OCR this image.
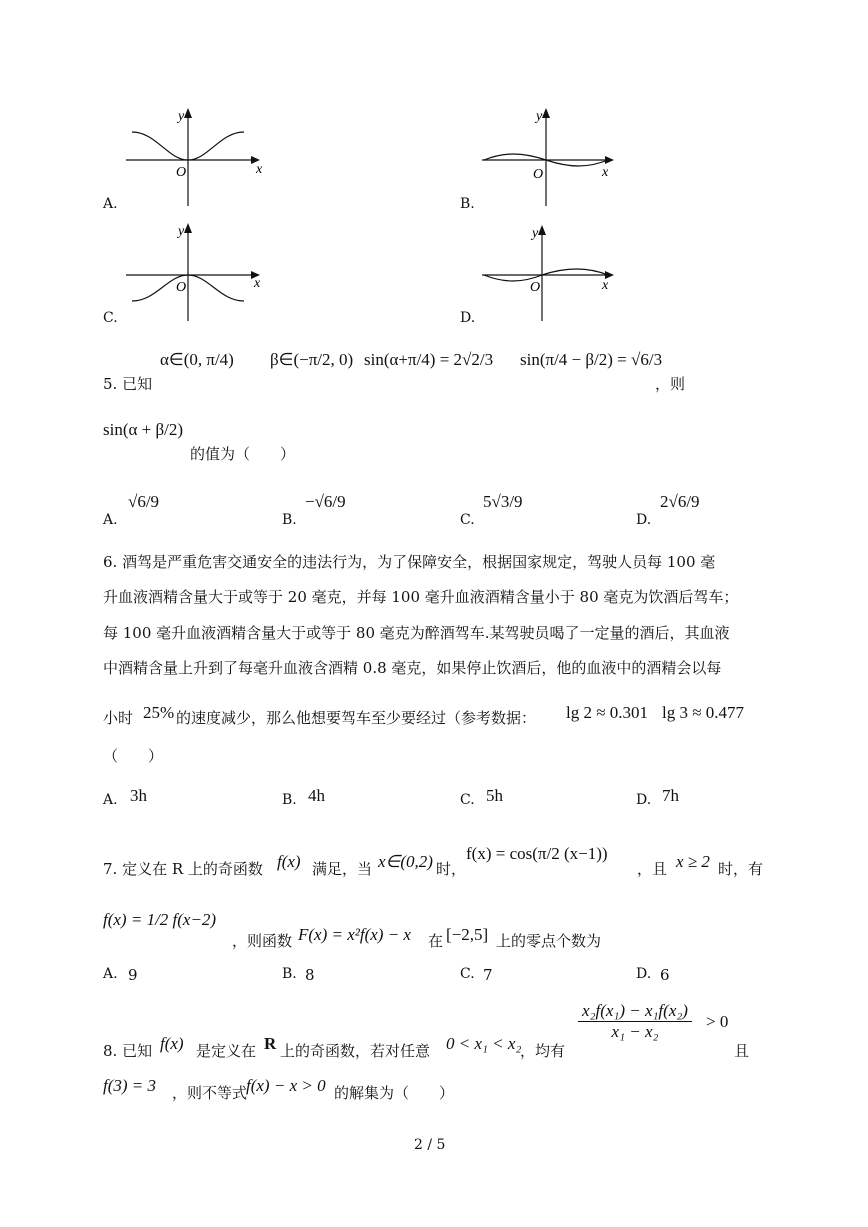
y
x
O
A.
y
x
O
B.
y
x
O
C.
y
x
O
D.
5. 已知
α∈(0, π/4) β∈(−π/2, 0) sin(α+π/4) = 2√2/3 sin(π/4 − β/2) = √6/3
，则
sin(α + β/2)
的值为（　　）
A.
√6/9
B.
−√6/9
C.
5√3/9
D.
2√6/9
6. 酒驾是严重危害交通安全的违法行为，为了保障安全，根据国家规定，驾驶人员每 100 毫
升血液酒精含量大于或等于 20 毫克，并每 100 毫升血液酒精含量小于 80 毫克为饮酒后驾车；
每 100 毫升血液酒精含量大于或等于 80 毫克为醉酒驾车.某驾驶员喝了一定量的酒后，其血液
中酒精含量上升到了每毫升血液含酒精 0.8 毫克，如果停止饮酒后，他的血液中的酒精会以每
小时 25% 的速度减少，那么他想要驾车至少要经过（参考数据： lg 2 ≈ 0.301 lg 3 ≈ 0.477
（　　）
A. 3h	B. 4h	C. 5h	D. 7h
7. 定义在 R 上的奇函数 f(x) 满足，当 x∈(0,2) 时，
f(x) = cos(π/2 (x−1))
，且 x ≥ 2 时，有
f(x) = 1/2 f(x−2)
，则函数 F(x) = x²f(x) − x 在 [−2,5] 上的零点个数为
A. 9	B. 8	C. 7	D. 6
8. 已知 f(x) 是定义在 R 上的奇函数，若对任意 0 < x₁ < x₂
，均有
$\frac{\text{x₂f(x₁) − x₁f(x₂)}}{\text{x₁ − x₂}} > 0$
且
f(3) = 3 ，则不等式
f(x) − x > 0 的解集为（　　）
2 / 5
